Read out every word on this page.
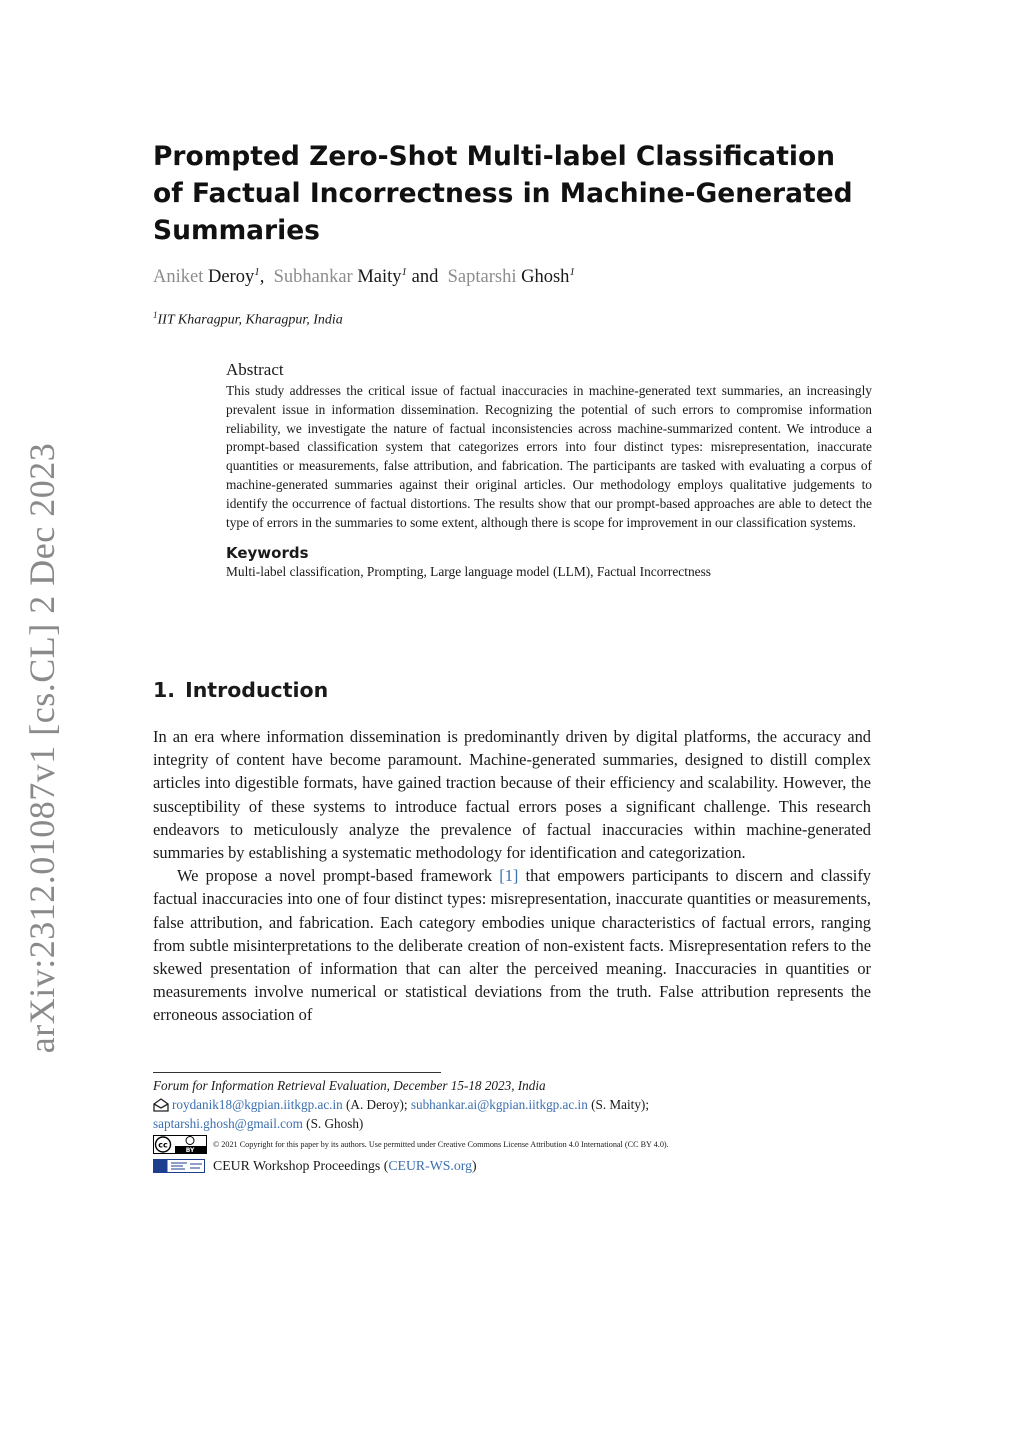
arXiv:2312.01087v1 [cs.CL] 2 Dec 2023
Prompted Zero-Shot Multi-label Classification of Factual Incorrectness in Machine-Generated Summaries
Aniket Deroy$^1$,  Subhankar Maity$^1$ and  Saptarshi Ghosh$^1$
$^1$IIT Kharagpur, Kharagpur, India
Abstract

This study addresses the critical issue of factual inaccuracies in machine-generated text summaries, an increasingly prevalent issue in information dissemination. Recognizing the potential of such errors to compromise information reliability, we investigate the nature of factual inconsistencies across machine-summarized content. We introduce a prompt-based classification system that categorizes errors into four distinct types: misrepresentation, inaccurate quantities or measurements, false attribution, and fabrication. The participants are tasked with evaluating a corpus of machine-generated summaries against their original articles. Our methodology employs qualitative judgements to identify the occurrence of factual distortions. The results show that our prompt-based approaches are able to detect the type of errors in the summaries to some extent, although there is scope for improvement in our classification systems.

Keywords

Multi-label classification, Prompting, Large language model (LLM), Factual Incorrectness

1. Introduction

In an era where information dissemination is predominantly driven by digital platforms, the accuracy and integrity of content have become paramount. Machine-generated summaries, designed to distill complex articles into digestible formats, have gained traction because of their efficiency and scalability. However, the susceptibility of these systems to introduce factual errors poses a significant challenge. This research endeavors to meticulously analyze the prevalence of factual inaccuracies within machine-generated summaries by establishing a systematic methodology for identification and categorization.

We propose a novel prompt-based framework [1] that empowers participants to discern and classify factual inaccuracies into one of four distinct types: misrepresentation, inaccurate quantities or measurements, false attribution, and fabrication. Each category embodies unique characteristics of factual errors, ranging from subtle misinterpretations to the deliberate creation of non-existent facts. Misrepresentation refers to the skewed presentation of information that can alter the perceived meaning. Inaccuracies in quantities or measurements involve numerical or statistical deviations from the truth. False attribution represents the erroneous association of

Forum for Information Retrieval Evaluation, December 15-18 2023, India
roydanik18@kgpian.iitkgp.ac.in (A. Deroy); subhankar.ai@kgpian.iitkgp.ac.in (S. Maity);
saptarshi.ghosh@gmail.com (S. Ghosh)
cc
BY
© 2021 Copyright for this paper by its authors. Use permitted under Creative Commons License Attribution 4.0 International (CC BY 4.0).
CEUR Workshop Proceedings (CEUR-WS.org)
